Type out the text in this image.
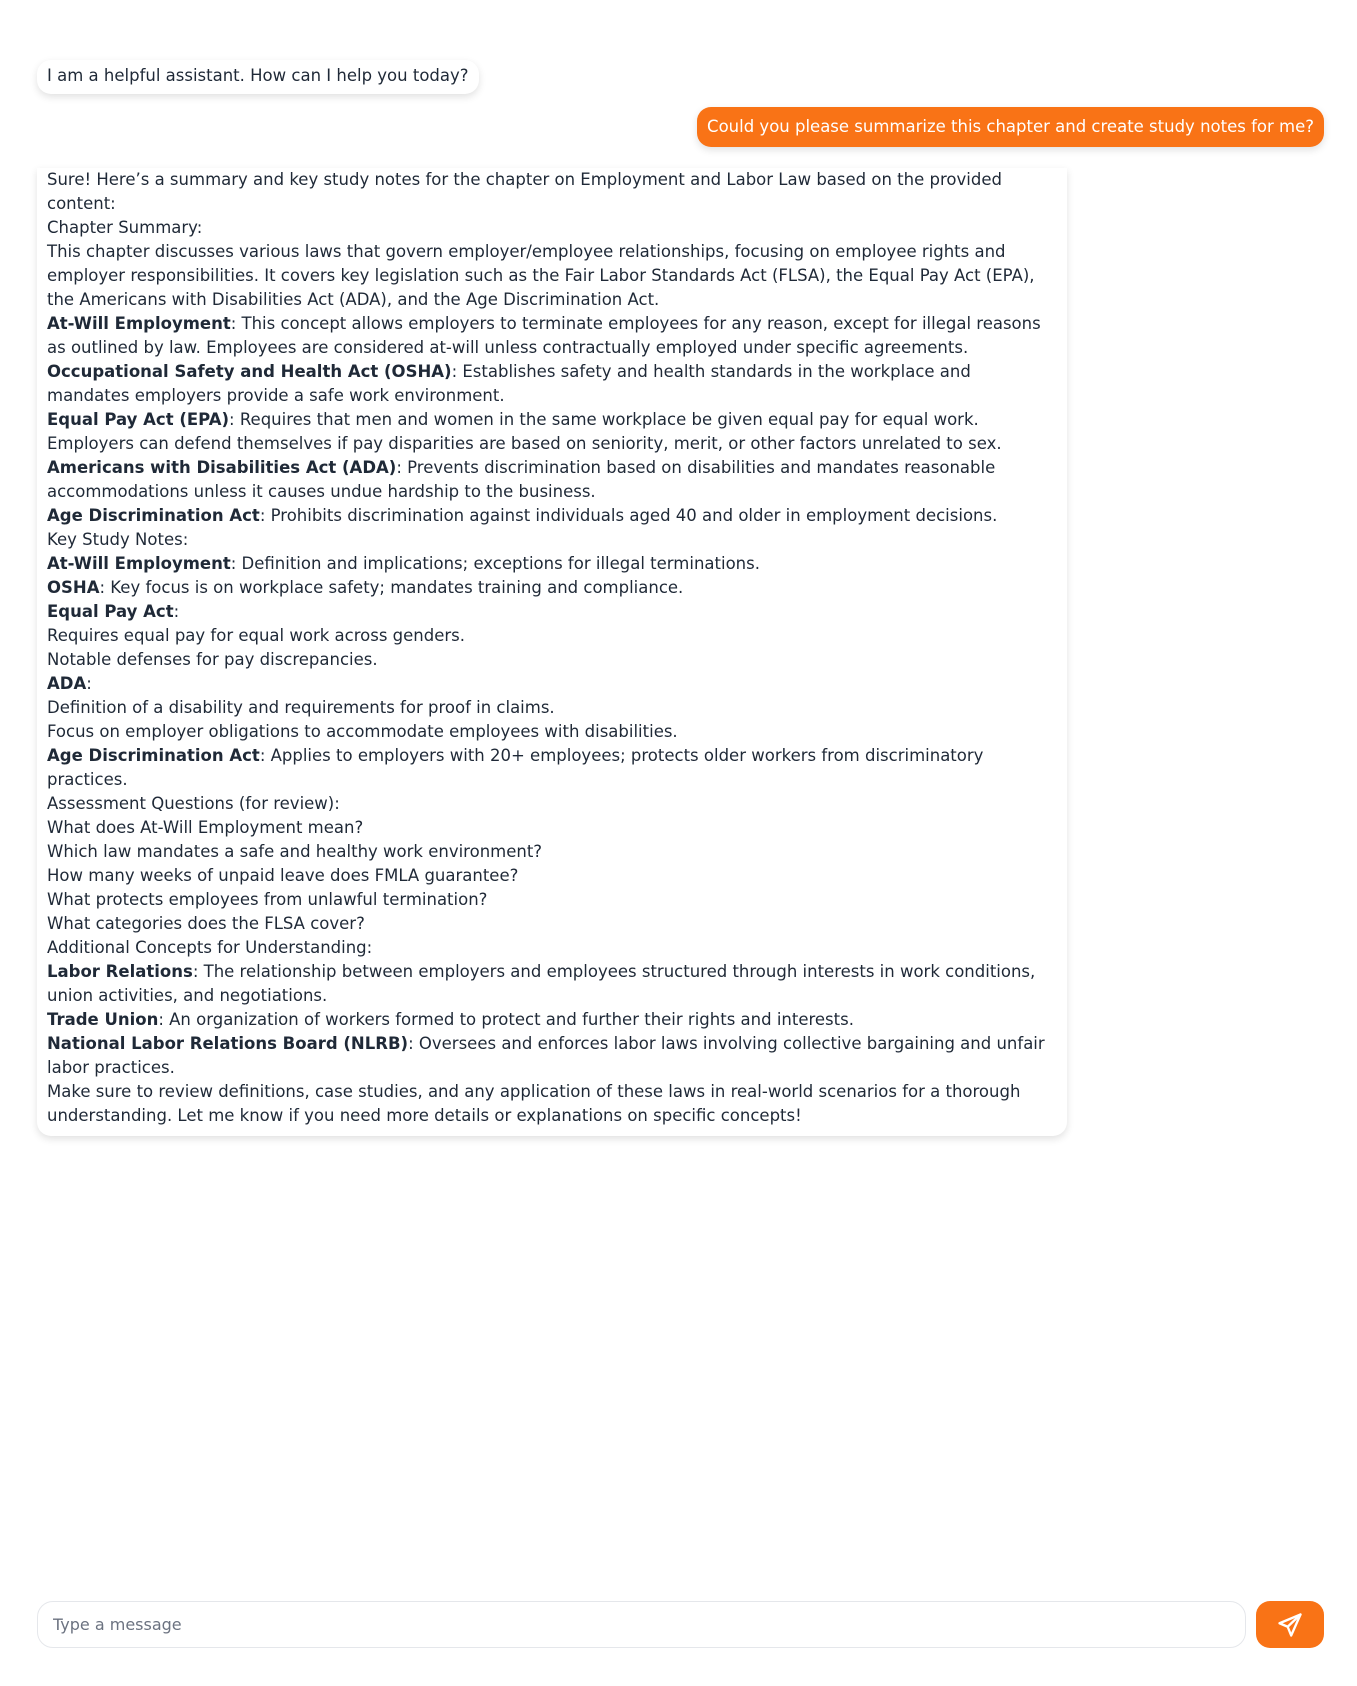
I am a helpful assistant. How can I help you today?
Could you please summarize this chapter and create study notes for me?
Sure! Here’s a summary and key study notes for the chapter on Employment and Labor Law based on the provided content:
Chapter Summary:
This chapter discusses various laws that govern employer/employee relationships, focusing on employee rights and employer responsibilities. It covers key legislation such as the Fair Labor Standards Act (FLSA), the Equal Pay Act (EPA), the Americans with Disabilities Act (ADA), and the Age Discrimination Act.
At-Will Employment: This concept allows employers to terminate employees for any reason, except for illegal reasons as outlined by law. Employees are considered at-will unless contractually employed under specific agreements.
Occupational Safety and Health Act (OSHA): Establishes safety and health standards in the workplace and mandates employers provide a safe work environment.
Equal Pay Act (EPA): Requires that men and women in the same workplace be given equal pay for equal work. Employers can defend themselves if pay disparities are based on seniority, merit, or other factors unrelated to sex.
Americans with Disabilities Act (ADA): Prevents discrimination based on disabilities and mandates reasonable accommodations unless it causes undue hardship to the business.
Age Discrimination Act: Prohibits discrimination against individuals aged 40 and older in employment decisions.
Key Study Notes:
At-Will Employment: Definition and implications; exceptions for illegal terminations.
OSHA: Key focus is on workplace safety; mandates training and compliance.
Equal Pay Act:
Requires equal pay for equal work across genders.
Notable defenses for pay discrepancies.
ADA:
Definition of a disability and requirements for proof in claims.
Focus on employer obligations to accommodate employees with disabilities.
Age Discrimination Act: Applies to employers with 20+ employees; protects older workers from discriminatory practices.
Assessment Questions (for review):
What does At-Will Employment mean?
Which law mandates a safe and healthy work environment?
How many weeks of unpaid leave does FMLA guarantee?
What protects employees from unlawful termination?
What categories does the FLSA cover?
Additional Concepts for Understanding:
Labor Relations: The relationship between employers and employees structured through interests in work conditions, union activities, and negotiations.
Trade Union: An organization of workers formed to protect and further their rights and interests.
National Labor Relations Board (NLRB): Oversees and enforces labor laws involving collective bargaining and unfair labor practices.
Make sure to review definitions, case studies, and any application of these laws in real-world scenarios for a thorough understanding. Let me know if you need more details or explanations on specific concepts!
Type a message
